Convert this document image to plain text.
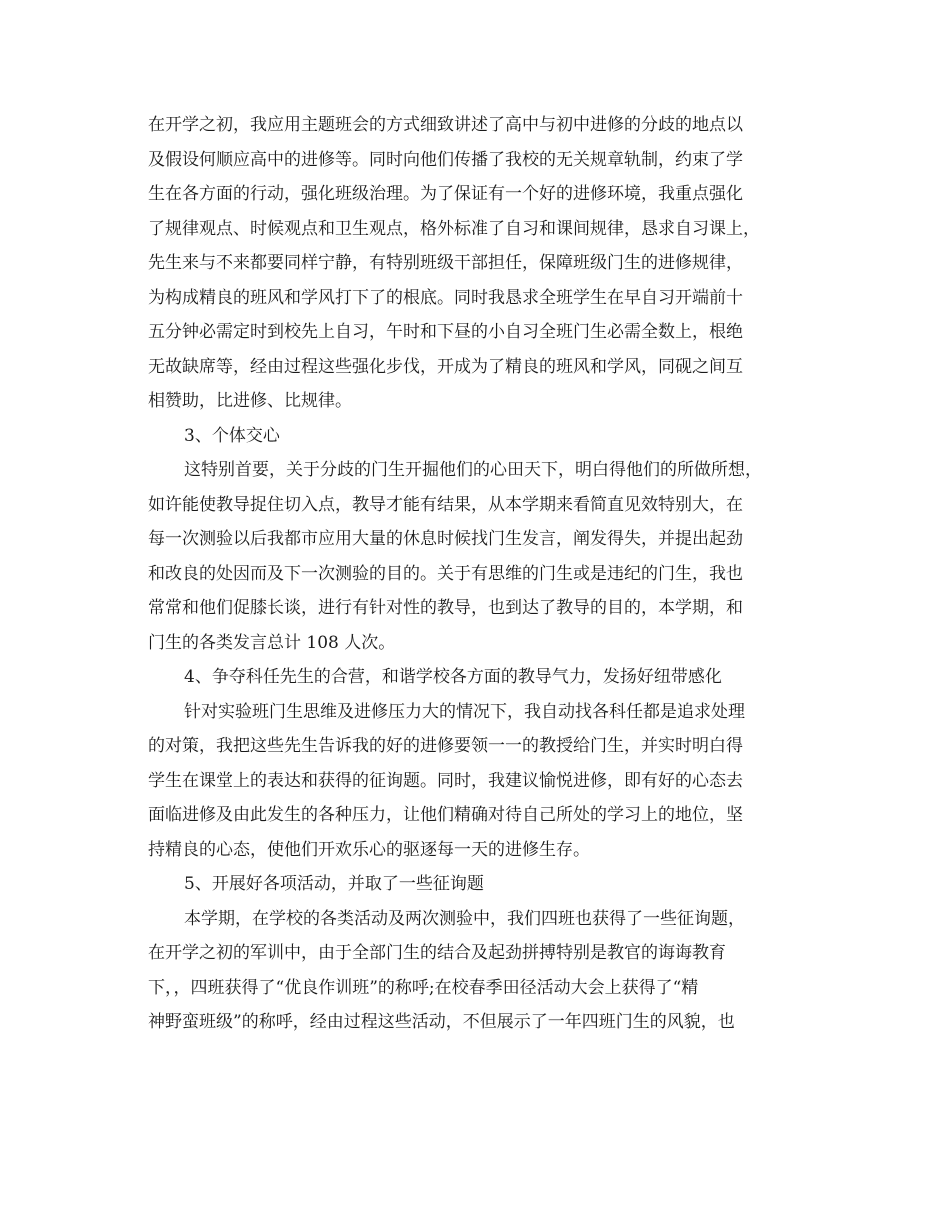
在开学之初，我应用主题班会的方式细致讲述了高中与初中进修的分歧的地点以
及假设何顺应高中的进修等。同时向他们传播了我校的无关规章轨制，约束了学
生在各方面的行动，强化班级治理。为了保证有一个好的进修环境，我重点强化
了规律观点、时候观点和卫生观点，格外标准了自习和课间规律，恳求自习课上，
先生来与不来都要同样宁静，有特别班级干部担任，保障班级门生的进修规律，
为构成精良的班风和学风打下了的根底。同时我恳求全班学生在早自习开端前十
五分钟必需定时到校先上自习，午时和下昼的小自习全班门生必需全数上，根绝
无故缺席等，经由过程这些强化步伐，开成为了精良的班风和学风，同砚之间互
相赞助，比进修、比规律。
3、个体交心
这特别首要，关于分歧的门生开掘他们的心田天下，明白得他们的所做所想，
如许能使教导捉住切入点，教导才能有结果，从本学期来看简直见效特别大，在
每一次测验以后我都市应用大量的休息时候找门生发言，阐发得失，并提出起劲
和改良的处因而及下一次测验的目的。关于有思维的门生或是违纪的门生，我也
常常和他们促膝长谈，进行有针对性的教导，也到达了教导的目的，本学期，和
门生的各类发言总计 108 人次。
4、争夺科任先生的合营，和谐学校各方面的教导气力，发扬好纽带感化
针对实验班门生思维及进修压力大的情况下，我自动找各科任都是追求处理
的对策，我把这些先生告诉我的好的进修要领一一的教授给门生，并实时明白得
学生在课堂上的表达和获得的征询题。同时，我建议愉悦进修，即有好的心态去
面临进修及由此发生的各种压力，让他们精确对待自己所处的学习上的地位，坚
持精良的心态，使他们开欢乐心的驱逐每一天的进修生存。
5、开展好各项活动，并取了一些征询题
本学期，在学校的各类活动及两次测验中，我们四班也获得了一些征询题，
在开学之初的军训中，由于全部门生的结合及起劲拼搏特别是教官的诲诲教育
下，，四班获得了“优良作训班”的称呼;在校春季田径活动大会上获得了“精
神野蛮班级”的称呼，经由过程这些活动，不但展示了一年四班门生的风貌，也
